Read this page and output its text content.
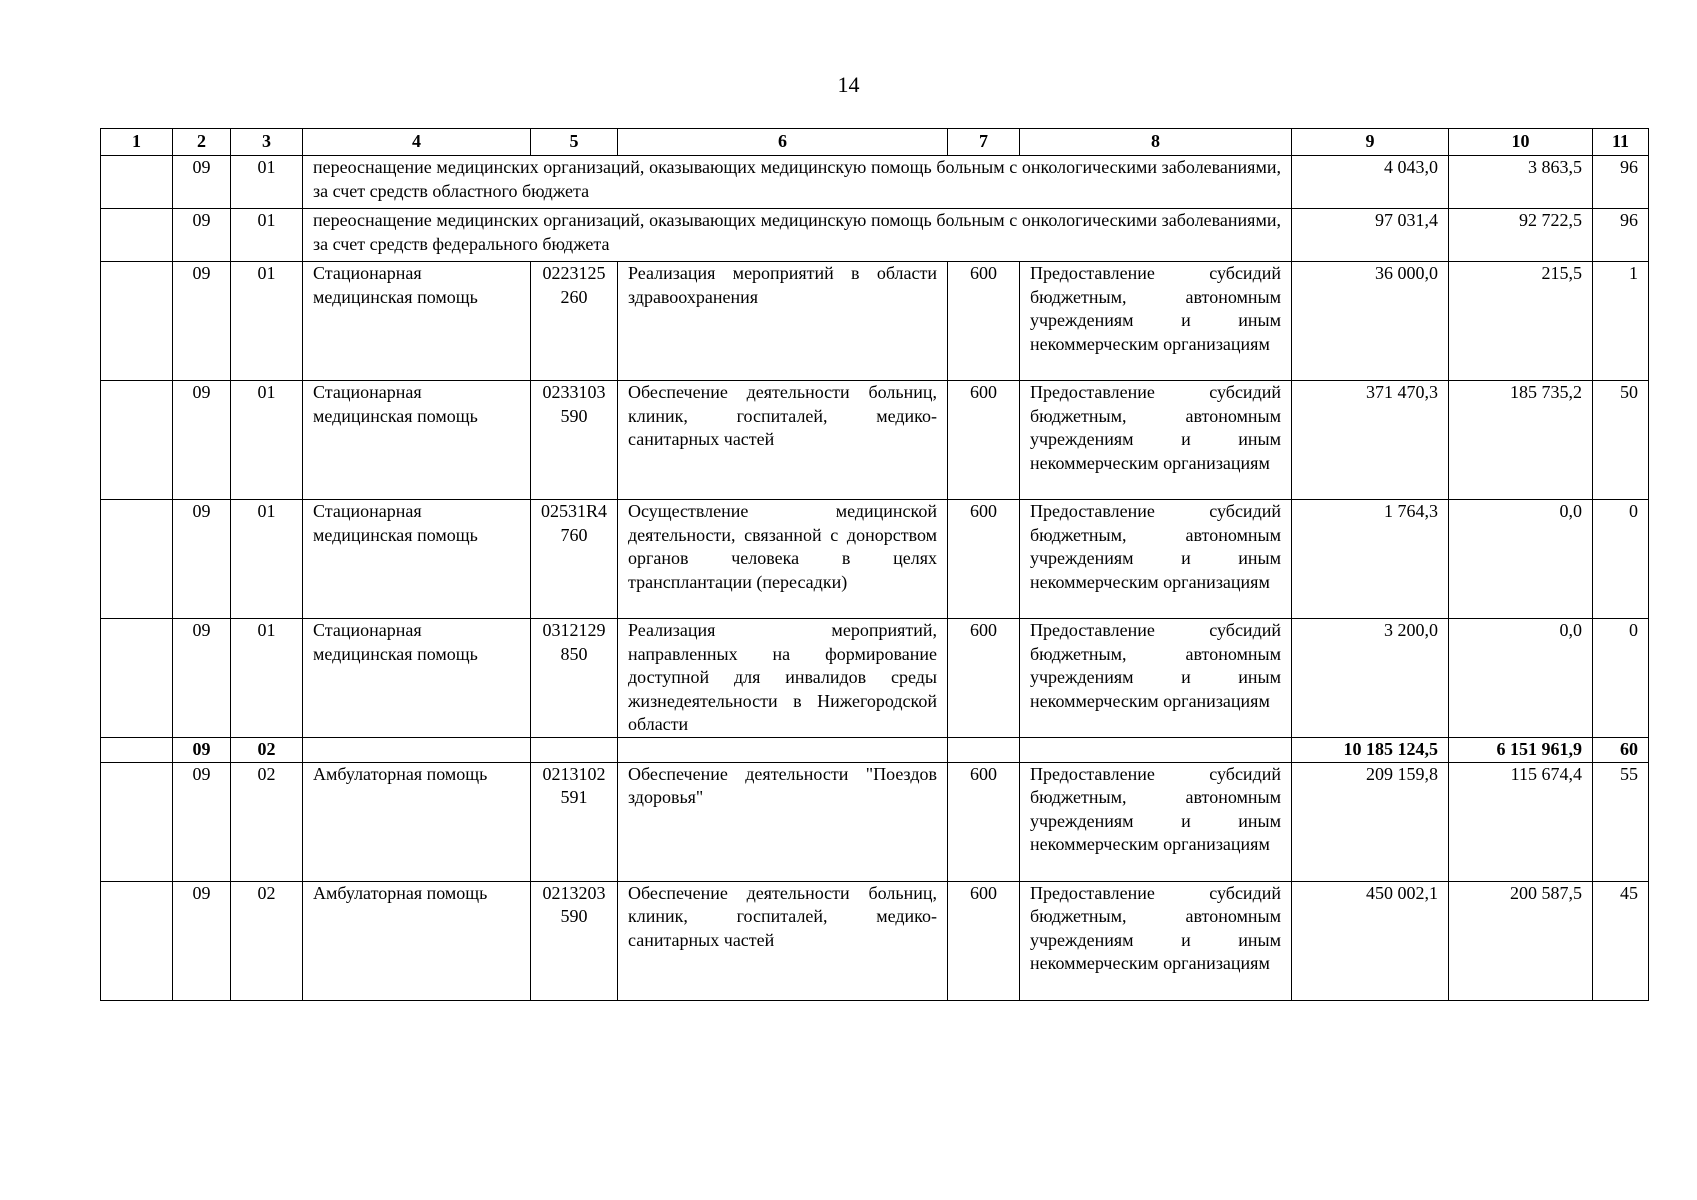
14
1	2	3	4	5	6	7	8	9	10	11
	09	01	переоснащение медицинских организаций, оказывающих медицинскую помощь больным с онкологическими заболеваниями, за счет средств областного бюджета					4 043,0	3 863,5	96
	09	01	переоснащение медицинских организаций, оказывающих медицинскую помощь больным с онкологическими заболеваниями, за счет средств федерального бюджета					97 031,4	92 722,5	96
	09	01	Стационарная медицинская помощь	0223125260	Реализация мероприятий в области здравоохранения	600	Предоставление субсидий бюджетным, автономным учреждениям и иным некоммерческим организациям	36 000,0	215,5	1
	09	01	Стационарная медицинская помощь	0233103590	Обеспечение деятельности больниц, клиник, госпиталей, медико-санитарных частей	600	Предоставление субсидий бюджетным, автономным учреждениям и иным некоммерческим организациям	371 470,3	185 735,2	50
	09	01	Стационарная медицинская помощь	02531R4760	Осуществление медицинской деятельности, связанной с донорством органов человека в целях трансплантации (пересадки)	600	Предоставление субсидий бюджетным, автономным учреждениям и иным некоммерческим организациям	1 764,3	0,0	0
	09	01	Стационарная медицинская помощь	0312129850	Реализация мероприятий, направленных на формирование доступной для инвалидов среды жизнедеятельности в Нижегородской области	600	Предоставление субсидий бюджетным, автономным учреждениям и иным некоммерческим организациям	3 200,0	0,0	0
	09	02						10 185 124,5	6 151 961,9	60
	09	02	Амбулаторная помощь	0213102591	Обеспечение деятельности "Поездов здоровья"	600	Предоставление субсидий бюджетным, автономным учреждениям и иным некоммерческим организациям	209 159,8	115 674,4	55
	09	02	Амбулаторная помощь	0213203590	Обеспечение деятельности больниц, клиник, госпиталей, медико-санитарных частей	600	Предоставление субсидий бюджетным, автономным учреждениям и иным некоммерческим организациям	450 002,1	200 587,5	45
